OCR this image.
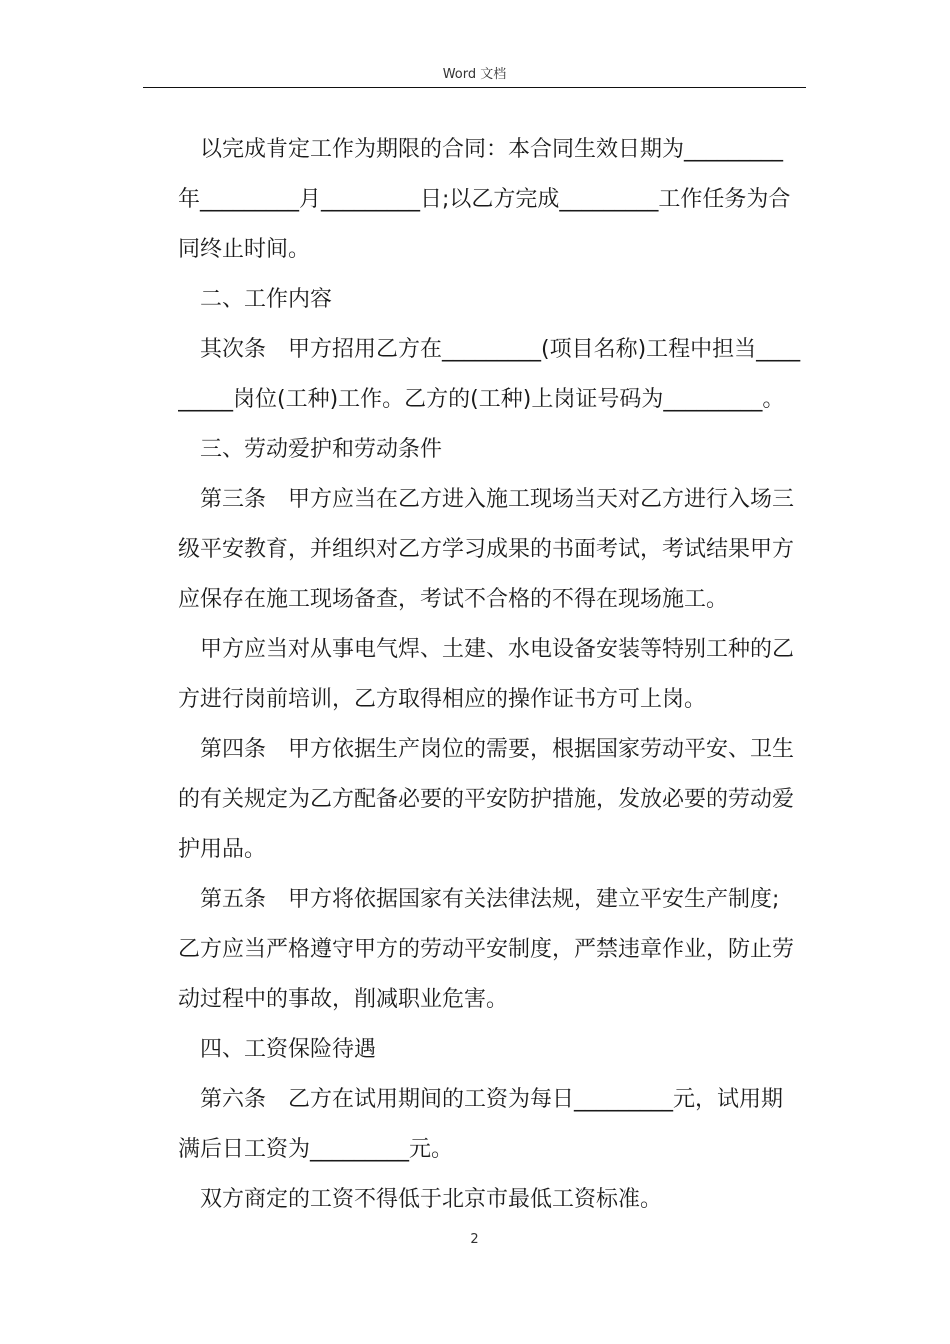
Word 文档
以完成肯定工作为期限的合同：本合同生效日期为_________
年_________月_________日;以乙方完成_________工作任务为合
同终止时间。
二、工作内容
其次条　甲方招用乙方在_________(项目名称)工程中担当____
_____岗位(工种)工作。乙方的(工种)上岗证号码为_________。
三、劳动爱护和劳动条件
第三条　甲方应当在乙方进入施工现场当天对乙方进行入场三
级平安教育，并组织对乙方学习成果的书面考试，考试结果甲方
应保存在施工现场备查，考试不合格的不得在现场施工。
甲方应当对从事电气焊、土建、水电设备安装等特别工种的乙
方进行岗前培训，乙方取得相应的操作证书方可上岗。
第四条　甲方依据生产岗位的需要，根据国家劳动平安、卫生
的有关规定为乙方配备必要的平安防护措施，发放必要的劳动爱
护用品。
第五条　甲方将依据国家有关法律法规，建立平安生产制度;
乙方应当严格遵守甲方的劳动平安制度，严禁违章作业，防止劳
动过程中的事故，削减职业危害。
四、工资保险待遇
第六条　乙方在试用期间的工资为每日_________元，试用期
满后日工资为_________元。
双方商定的工资不得低于北京市最低工资标准。
2
